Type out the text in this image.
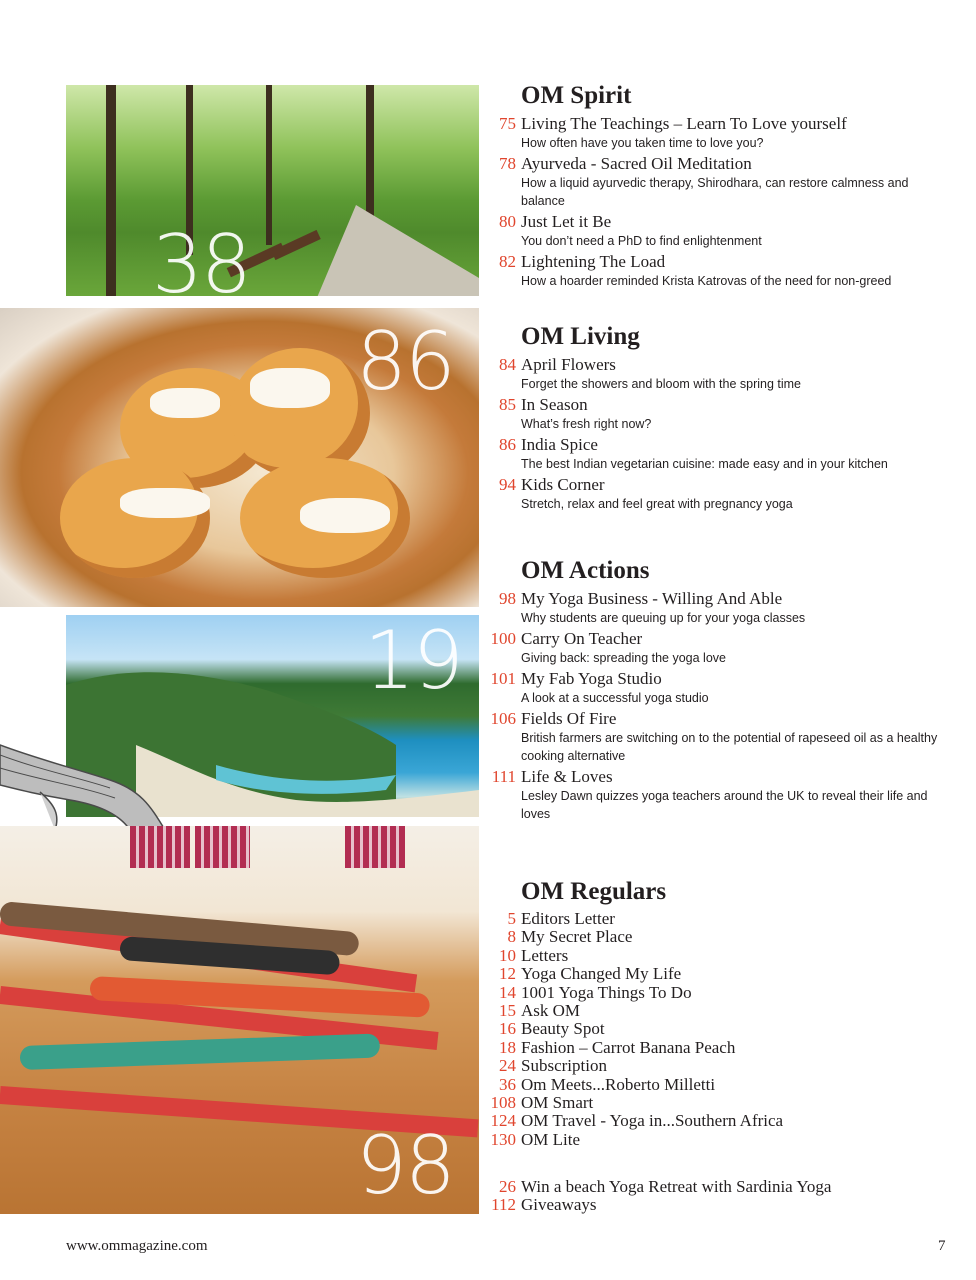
38
86
19
98
OM Spirit
75 Living The Teachings – Learn To Love yourself
How often have you taken time to love you?
78 Ayurveda - Sacred Oil Meditation
How a liquid ayurvedic therapy, Shirodhara, can restore calmness and balance
80 Just Let it Be
You don’t need a PhD to find enlightenment
82 Lightening The Load
How a hoarder reminded Krista Katrovas of the need for non-greed
OM Living
84 April Flowers
Forget the showers and bloom with the spring time
85 In Season
What’s fresh right now?
86 India Spice
The best Indian vegetarian cuisine: made easy and in your kitchen
94 Kids Corner
Stretch, relax and feel great with pregnancy yoga
OM Actions
98 My Yoga Business - Willing And Able
Why students are queuing up for your yoga classes
100 Carry On Teacher
Giving back: spreading the yoga love
101 My Fab Yoga Studio
A look at a successful yoga studio
106 Fields Of Fire
British farmers are switching on to the potential of rapeseed oil as a healthy cooking alternative
111 Life & Loves
Lesley Dawn quizzes yoga teachers around the UK to reveal their life and loves
OM Regulars
5 Editors Letter
8 My Secret Place
10 Letters
12 Yoga Changed My Life
14 1001 Yoga Things To Do
15 Ask OM
16 Beauty Spot
18 Fashion – Carrot Banana Peach
24 Subscription
36 Om Meets...Roberto Milletti
108 OM Smart
124 OM Travel - Yoga in...Southern Africa
130 OM Lite
26 Win a beach Yoga Retreat with Sardinia Yoga
112 Giveaways
www.ommagazine.com	7
